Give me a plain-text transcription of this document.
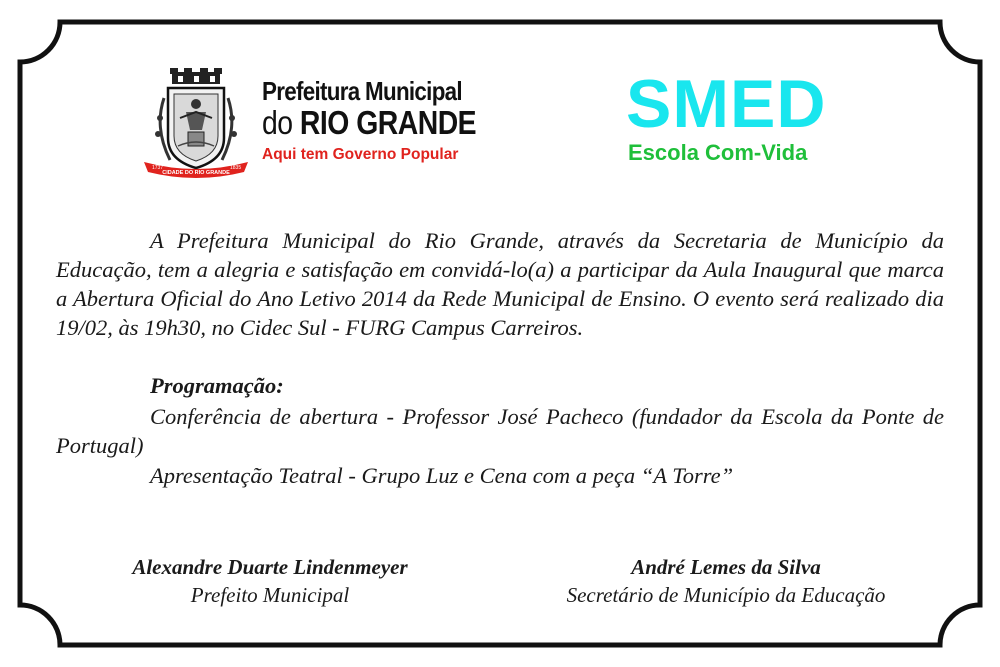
1737
CIDADE DO RIO GRANDE
1835
Prefeitura Municipal
do RIO GRANDE
Aqui tem Governo Popular
SMED
Escola Com-Vida

A Prefeitura Municipal do Rio Grande, através da Secretaria de Município da Educação, tem a alegria e satisfação em convidá-lo(a) a participar da Aula Inaugural que marca a Abertura Oficial do Ano Letivo 2014 da Rede Municipal de Ensino. O evento será realizado dia 19/02, às 19h30, no Cidec Sul - FURG Campus Carreiros.

Programação:

Conferência de abertura - Professor José Pacheco (fundador da Escola da Ponte de Portugal)

Apresentação Teatral - Grupo Luz e Cena com a peça “A Torre”

Alexandre Duarte Lindenmeyer
Prefeito Municipal
André Lemes da Silva
Secretário de Município da Educação
